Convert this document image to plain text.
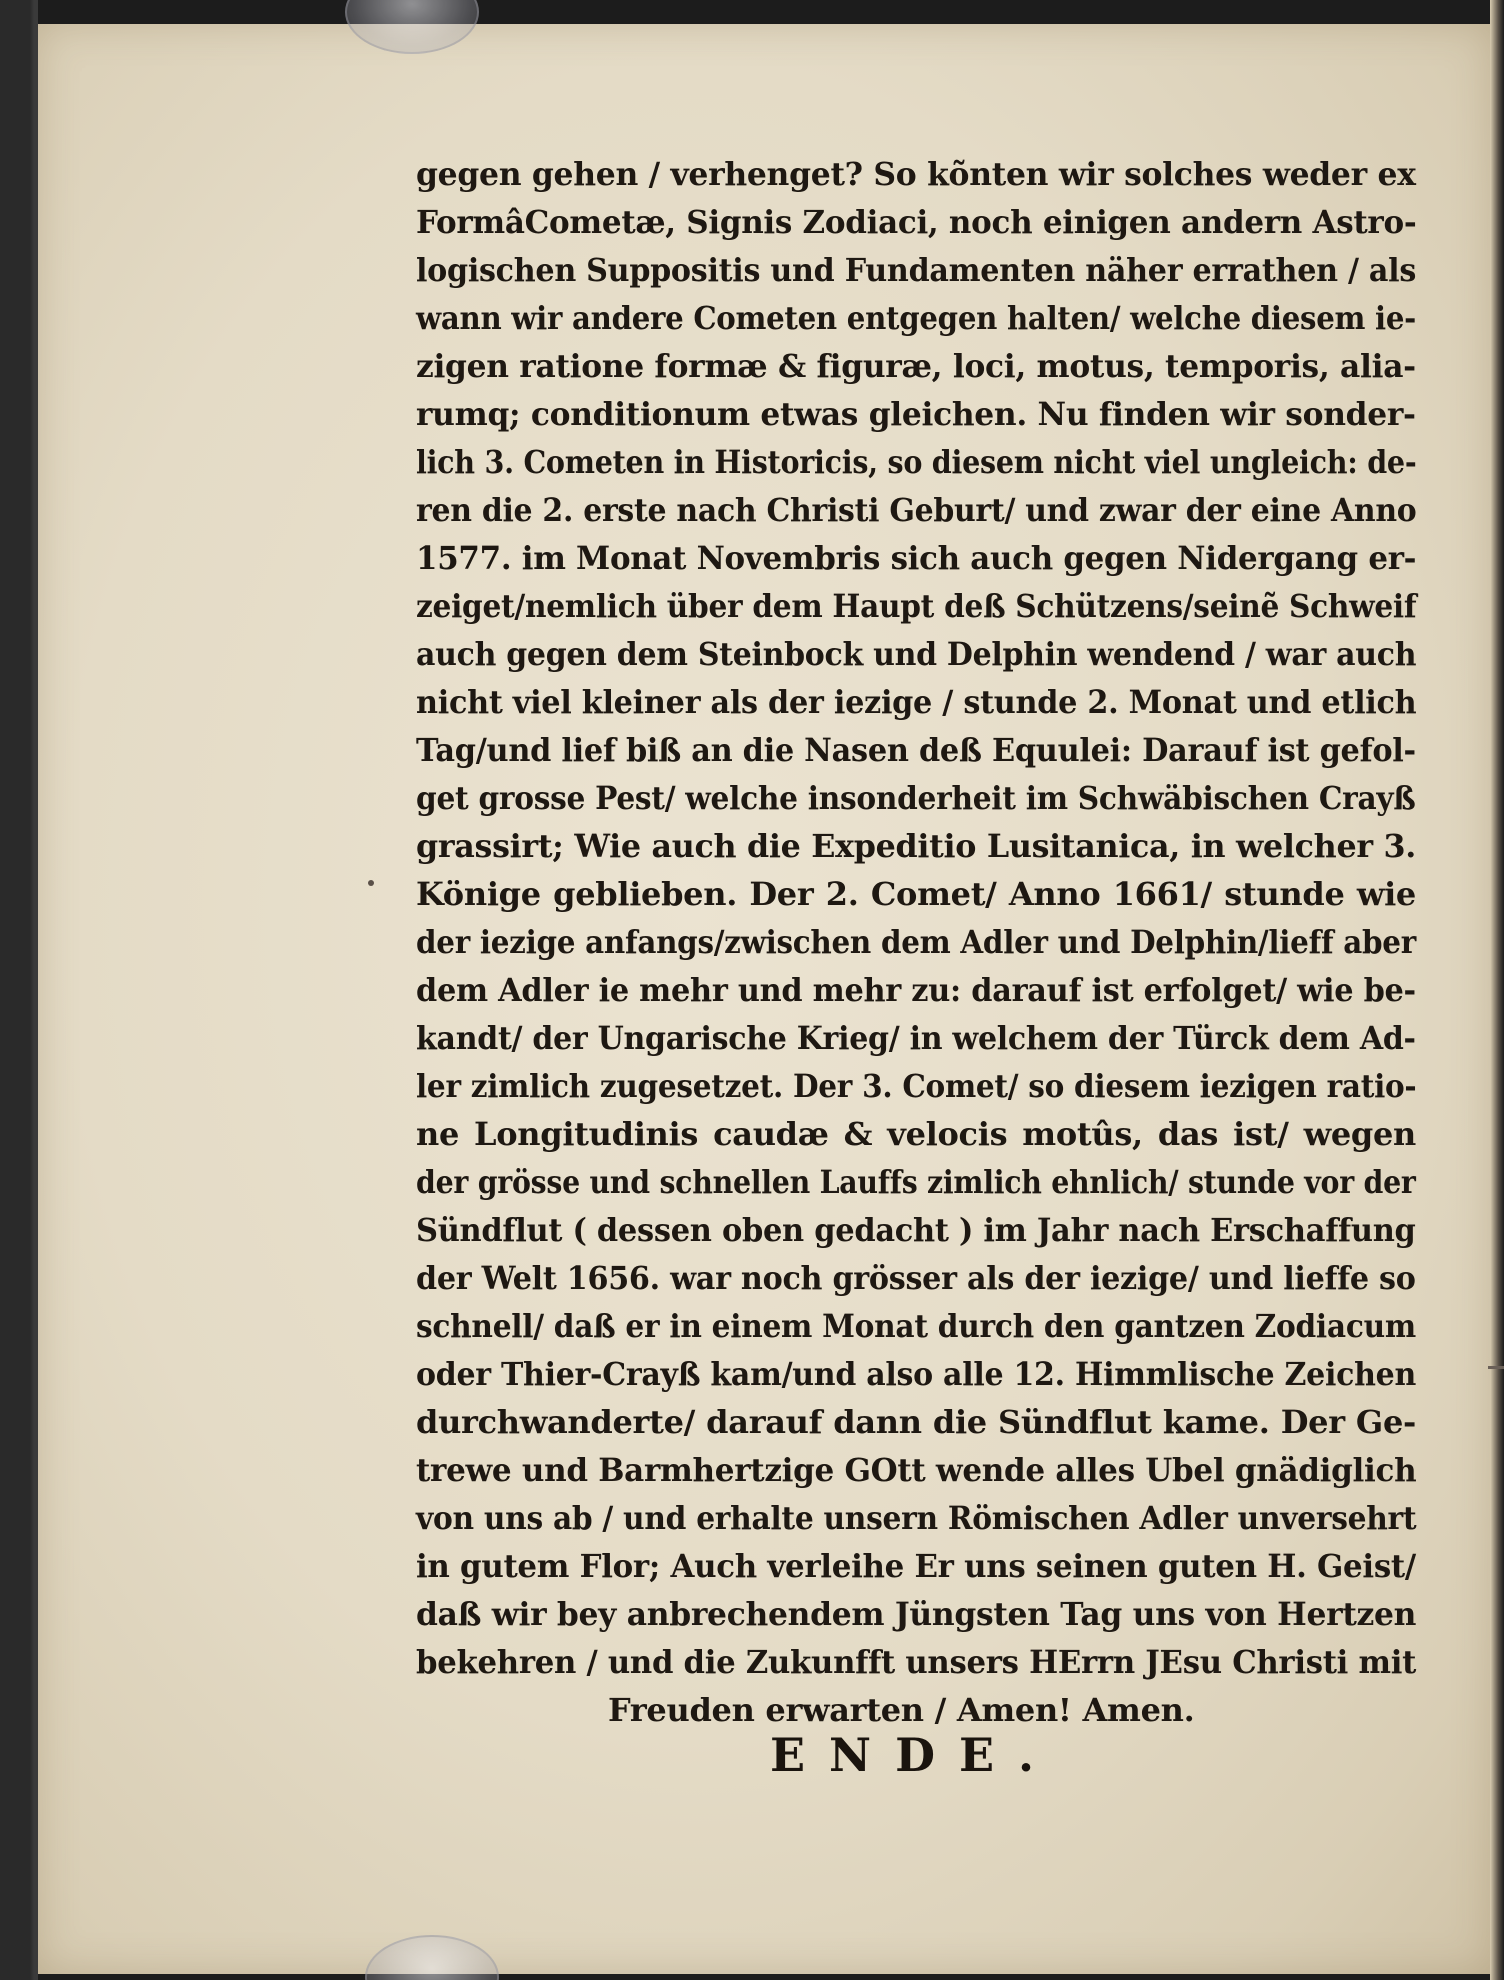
gegen gehen / verhenget? So kõnten wir solches weder ex
FormâCometæ, Signis Zodiaci, noch einigen andern Astro-
logischen Suppositis und Fundamenten näher errathen / als
wann wir andere Cometen entgegen halten/ welche diesem ie-
zigen ratione formæ & figuræ, loci, motus, temporis, alia-
rumq; conditionum etwas gleichen. Nu finden wir sonder-
lich 3. Cometen in Historicis, so diesem nicht viel ungleich: de-
ren die 2. erste nach Christi Geburt/ und zwar der eine Anno
1577. im Monat Novembris sich auch gegen Nidergang er-
zeiget/nemlich über dem Haupt deß Schützens/seinẽ Schweif
auch gegen dem Steinbock und Delphin wendend / war auch
nicht viel kleiner als der iezige / stunde 2. Monat und etlich
Tag/und lief biß an die Nasen deß Equulei: Darauf ist gefol-
get grosse Pest/ welche insonderheit im Schwäbischen Crayß
grassirt; Wie auch die Expeditio Lusitanica, in welcher 3.
Könige geblieben. Der 2. Comet/ Anno 1661/ stunde wie
der iezige anfangs/zwischen dem Adler und Delphin/lieff aber
dem Adler ie mehr und mehr zu: darauf ist erfolget/ wie be-
kandt/ der Ungarische Krieg/ in welchem der Türck dem Ad-
ler zimlich zugesetzet. Der 3. Comet/ so diesem iezigen ratio-
ne Longitudinis caudæ & velocis motûs, das ist/ wegen
der grösse und schnellen Lauffs zimlich ehnlich/ stunde vor der
Sündflut ( dessen oben gedacht ) im Jahr nach Erschaffung
der Welt 1656. war noch grösser als der iezige/ und lieffe so
schnell/ daß er in einem Monat durch den gantzen Zodiacum
oder Thier-Crayß kam/und also alle 12. Himmlische Zeichen
durchwanderte/ darauf dann die Sündflut kame. Der Ge-
trewe und Barmhertzige GOtt wende alles Ubel gnädiglich
von uns ab / und erhalte unsern Römischen Adler unversehrt
in gutem Flor; Auch verleihe Er uns seinen guten H. Geist/
daß wir bey anbrechendem Jüngsten Tag uns von Hertzen
bekehren / und die Zukunfft unsers HErrn JEsu Christi mit
Freuden erwarten / Amen! Amen.
ENDE.
